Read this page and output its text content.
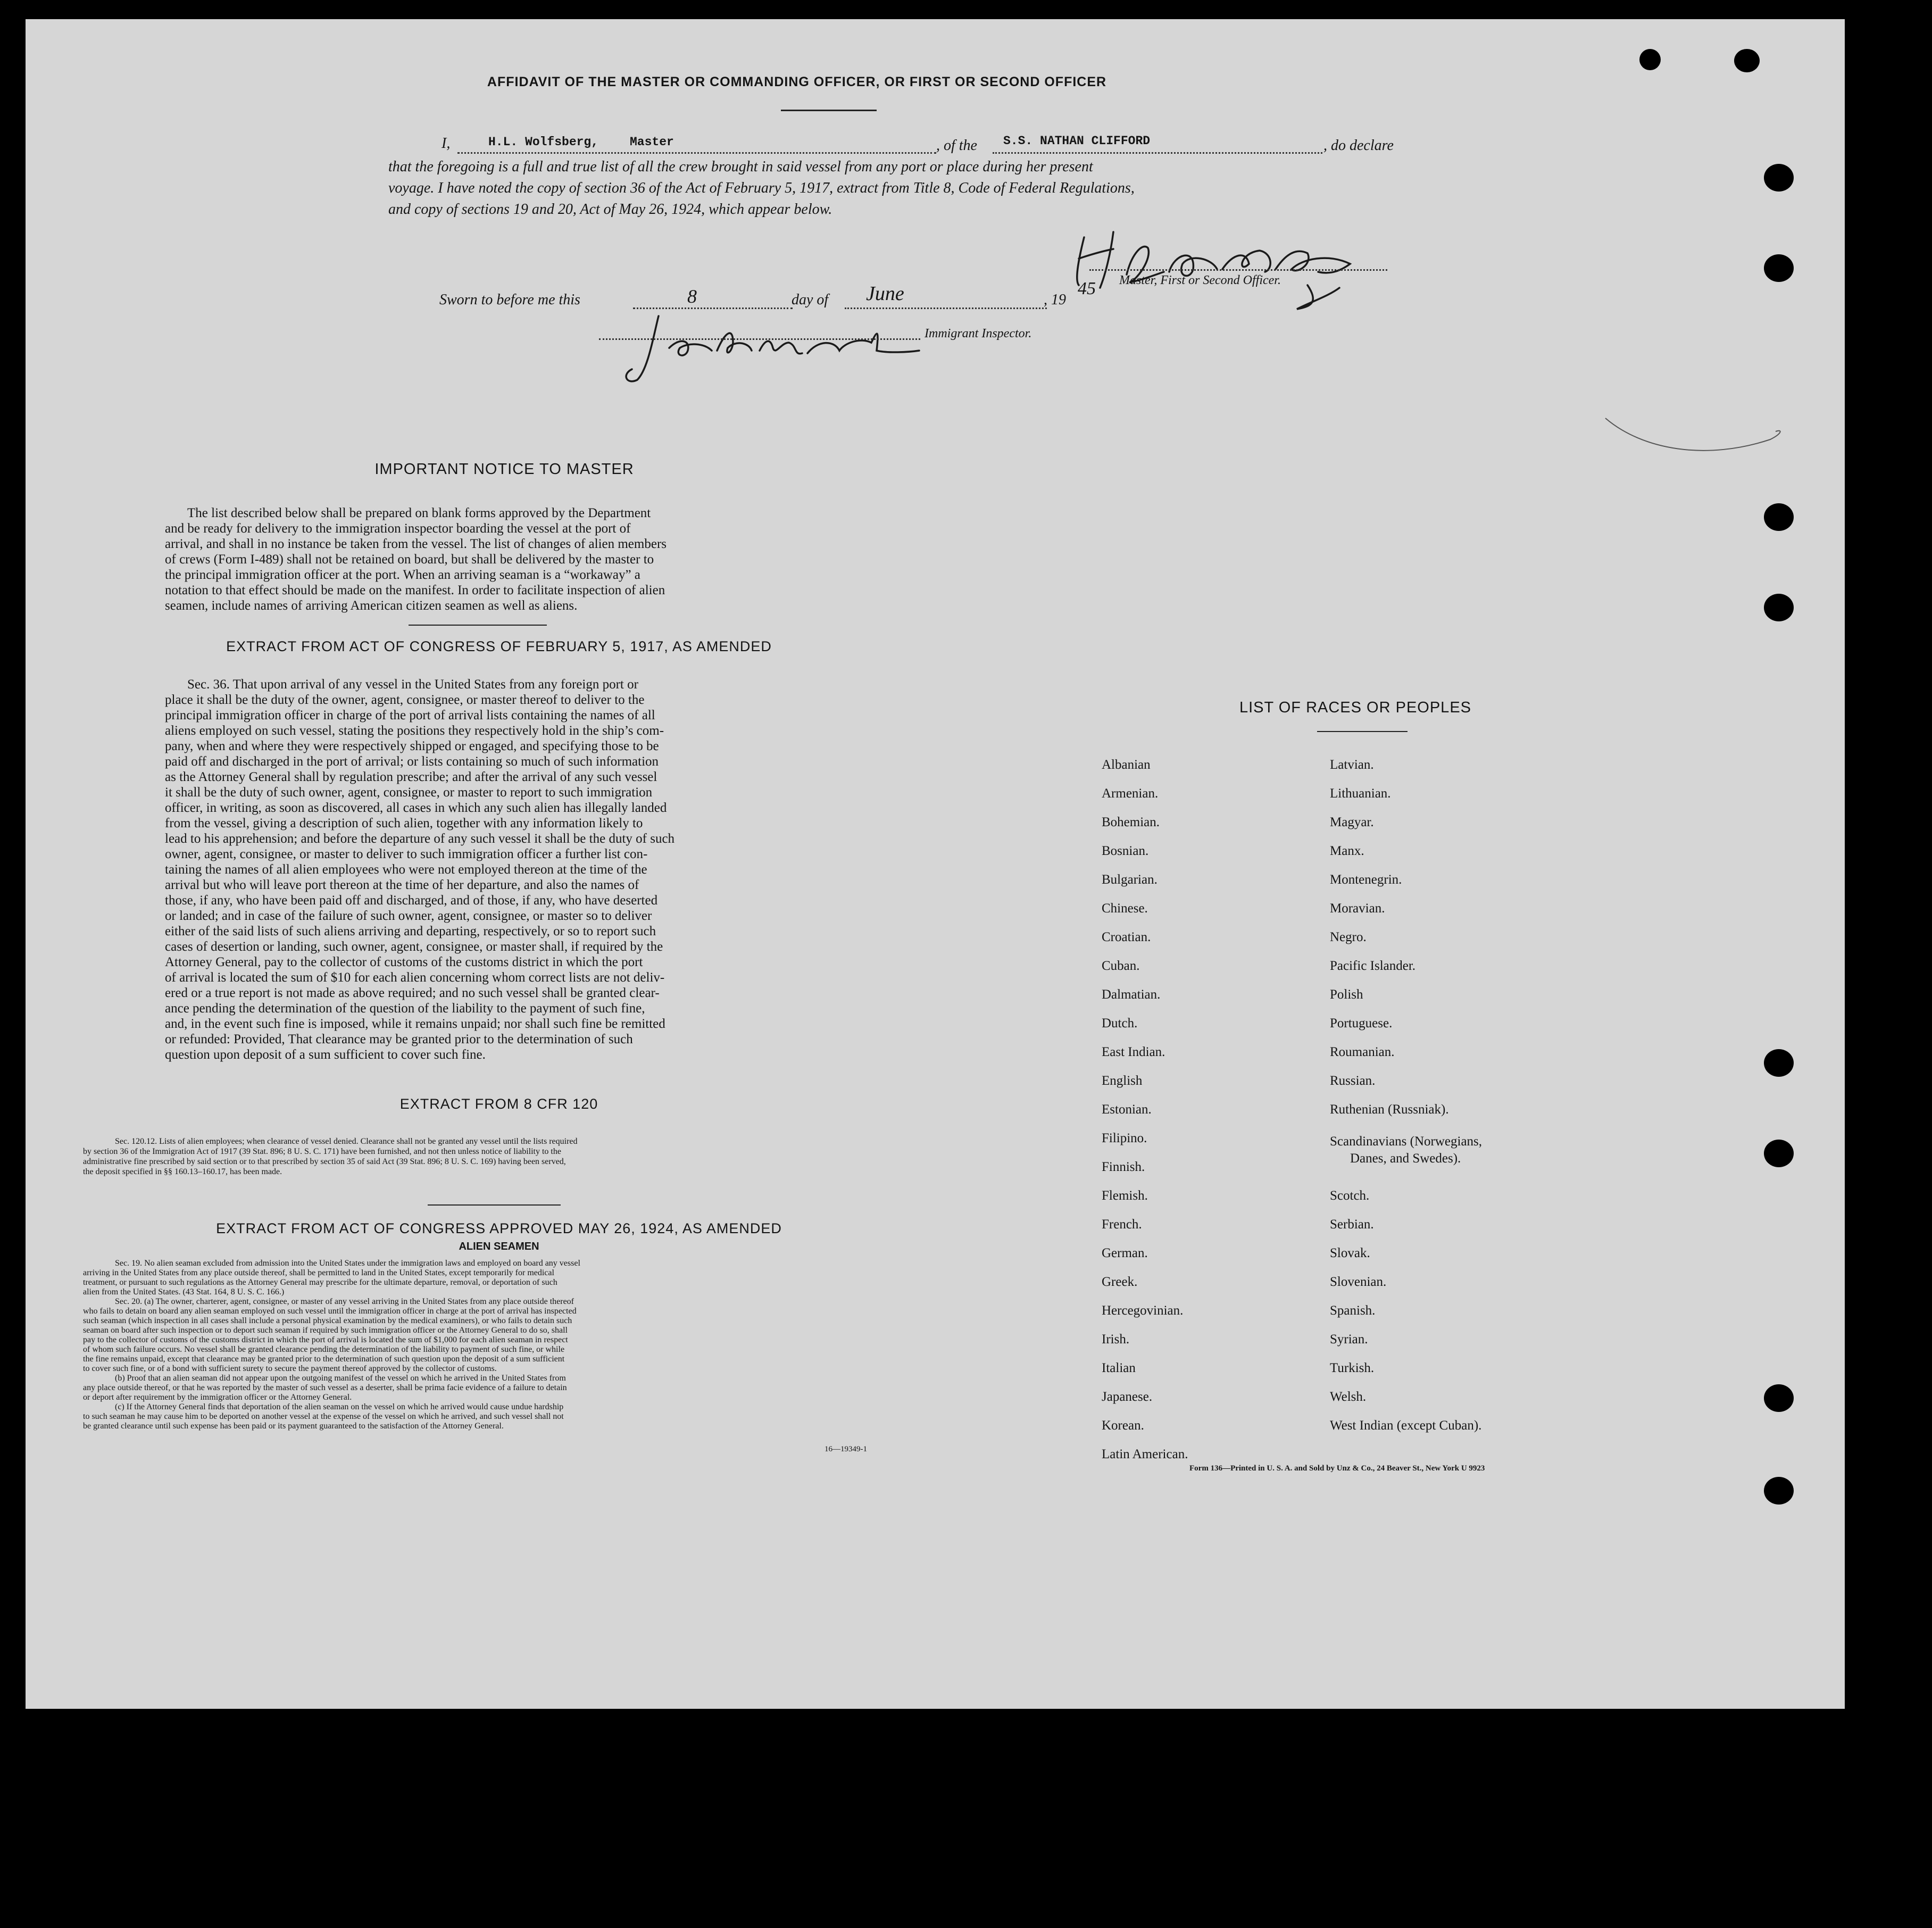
AFFIDAVIT OF THE MASTER OR COMMANDING OFFICER, OR FIRST OR SECOND OFFICER
I,	H.L. Wolfsberg,	Master	, of the S.S. NATHAN CLIFFORD	, do declare
that the foregoing is a full and true list of all the crew brought in said vessel from any port or place during her present
voyage. I have noted the copy of section 36 of the Act of February 5, 1917, extract from Title 8, Code of Federal Regulations,
and copy of sections 19 and 20, Act of May 26, 1924, which appear below.
Master, First or Second Officer.
Sworn to before me this	8	day of June	, 19
45
Immigrant Inspector.
IMPORTANT NOTICE TO MASTER
The list described below shall be prepared on blank forms approved by the Department
and be ready for delivery to the immigration inspector boarding the vessel at the port of
arrival, and shall in no instance be taken from the vessel. The list of changes of alien members
of crews (Form I-489) shall not be retained on board, but shall be delivered by the master to
the principal immigration officer at the port. When an arriving seaman is a “workaway” a
notation to that effect should be made on the manifest. In order to facilitate inspection of alien
seamen, include names of arriving American citizen seamen as well as aliens.
EXTRACT FROM ACT OF CONGRESS OF FEBRUARY 5, 1917, AS AMENDED
Sec. 36. That upon arrival of any vessel in the United States from any foreign port or
place it shall be the duty of the owner, agent, consignee, or master thereof to deliver to the
principal immigration officer in charge of the port of arrival lists containing the names of all
aliens employed on such vessel, stating the positions they respectively hold in the ship’s com-
pany, when and where they were respectively shipped or engaged, and specifying those to be
paid off and discharged in the port of arrival; or lists containing so much of such information
as the Attorney General shall by regulation prescribe; and after the arrival of any such vessel
it shall be the duty of such owner, agent, consignee, or master to report to such immigration
officer, in writing, as soon as discovered, all cases in which any such alien has illegally landed
from the vessel, giving a description of such alien, together with any information likely to
lead to his apprehension; and before the departure of any such vessel it shall be the duty of such
owner, agent, consignee, or master to deliver to such immigration officer a further list con-
taining the names of all alien employees who were not employed thereon at the time of the
arrival but who will leave port thereon at the time of her departure, and also the names of
those, if any, who have been paid off and discharged, and of those, if any, who have deserted
or landed; and in case of the failure of such owner, agent, consignee, or master so to deliver
either of the said lists of such aliens arriving and departing, respectively, or so to report such
cases of desertion or landing, such owner, agent, consignee, or master shall, if required by the
Attorney General, pay to the collector of customs of the customs district in which the port
of arrival is located the sum of $10 for each alien concerning whom correct lists are not deliv-
ered or a true report is not made as above required; and no such vessel shall be granted clear-
ance pending the determination of the question of the liability to the payment of such fine,
and, in the event such fine is imposed, while it remains unpaid; nor shall such fine be remitted
or refunded: Provided, That clearance may be granted prior to the determination of such
question upon deposit of a sum sufficient to cover such fine.
EXTRACT FROM 8 CFR 120
Sec. 120.12. Lists of alien employees; when clearance of vessel denied. Clearance shall not be granted any vessel until the lists required
by section 36 of the Immigration Act of 1917 (39 Stat. 896; 8 U. S. C. 171) have been furnished, and not then unless notice of liability to the
administrative fine prescribed by said section or to that prescribed by section 35 of said Act (39 Stat. 896; 8 U. S. C. 169) having been served,
the deposit specified in §§ 160.13–160.17, has been made.
EXTRACT FROM ACT OF CONGRESS APPROVED MAY 26, 1924, AS AMENDED
ALIEN SEAMEN
Sec. 19. No alien seaman excluded from admission into the United States under the immigration laws and employed on board any vessel
arriving in the United States from any place outside thereof, shall be permitted to land in the United States, except temporarily for medical
treatment, or pursuant to such regulations as the Attorney General may prescribe for the ultimate departure, removal, or deportation of such
alien from the United States. (43 Stat. 164, 8 U. S. C. 166.)
Sec. 20. (a) The owner, charterer, agent, consignee, or master of any vessel arriving in the United States from any place outside thereof
who fails to detain on board any alien seaman employed on such vessel until the immigration officer in charge at the port of arrival has inspected
such seaman (which inspection in all cases shall include a personal physical examination by the medical examiners), or who fails to detain such
seaman on board after such inspection or to deport such seaman if required by such immigration officer or the Attorney General to do so, shall
pay to the collector of customs of the customs district in which the port of arrival is located the sum of $1,000 for each alien seaman in respect
of whom such failure occurs. No vessel shall be granted clearance pending the determination of the liability to payment of such fine, or while
the fine remains unpaid, except that clearance may be granted prior to the determination of such question upon the deposit of a sum sufficient
to cover such fine, or of a bond with sufficient surety to secure the payment thereof approved by the collector of customs.
(b) Proof that an alien seaman did not appear upon the outgoing manifest of the vessel on which he arrived in the United States from
any place outside thereof, or that he was reported by the master of such vessel as a deserter, shall be prima facie evidence of a failure to detain
or deport after requirement by the immigration officer or the Attorney General.
(c) If the Attorney General finds that deportation of the alien seaman on the vessel on which he arrived would cause undue hardship
to such seaman he may cause him to be deported on another vessel at the expense of the vessel on which he arrived, and such vessel shall not
be granted clearance until such expense has been paid or its payment guaranteed to the satisfaction of the Attorney General.
16—19349-1
LIST OF RACES OR PEOPLES
Albanian
Armenian.
Bohemian.
Bosnian.
Bulgarian.
Chinese.
Croatian.
Cuban.
Dalmatian.
Dutch.
East Indian.
English
Estonian.
Filipino.
Finnish.
Flemish.
French.
German.
Greek.
Hercegovinian.
Irish.
Italian
Japanese.
Korean.
Latin American.
Latvian.
Lithuanian.
Magyar.
Manx.
Montenegrin.
Moravian.
Negro.
Pacific Islander.
Polish
Portuguese.
Roumanian.
Russian.
Ruthenian (Russniak).
Scandinavians (Norwegians,
Danes, and Swedes).
Scotch.
Serbian.
Slovak.
Slovenian.
Spanish.
Syrian.
Turkish.
Welsh.
West Indian (except Cuban).
Form 136—Printed in U. S. A. and Sold by Unz & Co., 24 Beaver St., New York U 9923
